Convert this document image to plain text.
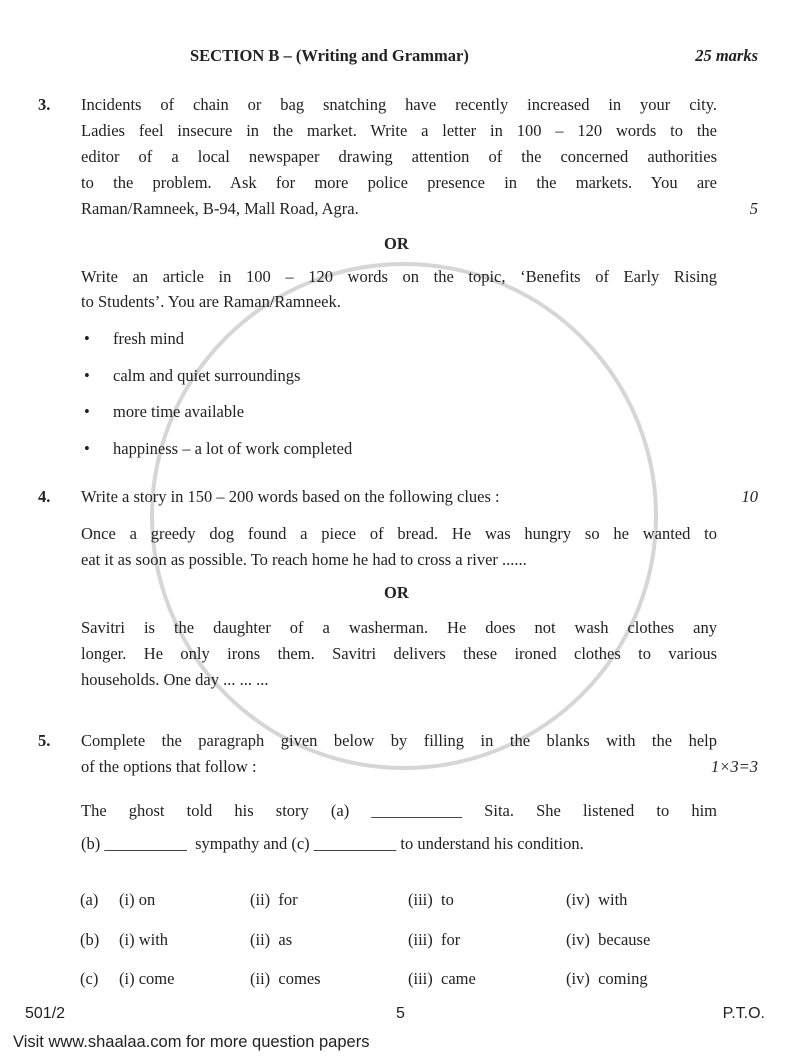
SECTION B – (Writing and Grammar)	25 marks
3. Incidents of chain or bag snatching have recently increased in your city.
Ladies feel insecure in the market. Write a letter in 100 – 120 words to the
editor of a local newspaper drawing attention of the concerned authorities
to the problem. Ask for more police presence in the markets. You are
Raman/Ramneek, B-94, Mall Road, Agra.	5
OR
Write an article in 100 – 120 words on the topic, ‘Benefits of Early Rising
to Students’. You are Raman/Ramneek.
• fresh mind
• calm and quiet surroundings
• more time available
• happiness – a lot of work completed
4. Write a story in 150 – 200 words based on the following clues :	10
Once a greedy dog found a piece of bread. He was hungry so he wanted to
eat it as soon as possible. To reach home he had to cross a river ......
OR
Savitri is the daughter of a washerman. He does not wash clothes any
longer. He only irons them. Savitri delivers these ironed clothes to various
households. One day ... ... ...
5. Complete the paragraph given below by filling in the blanks with the help
of the options that follow :	1×3=3
The ghost told his story (a) ___________ Sita. She listened to him
(b) __________  sympathy and (c) __________ to understand his condition.
(a) (i) on	(ii)  for	(iii)  to	(iv)  with
(b) (i) with	(ii)  as	(iii)  for	(iv)  because
(c) (i) come	(ii)  comes	(iii)  came	(iv)  coming
501/2	5	P.T.O.
Visit www.shaalaa.com for more question papers
